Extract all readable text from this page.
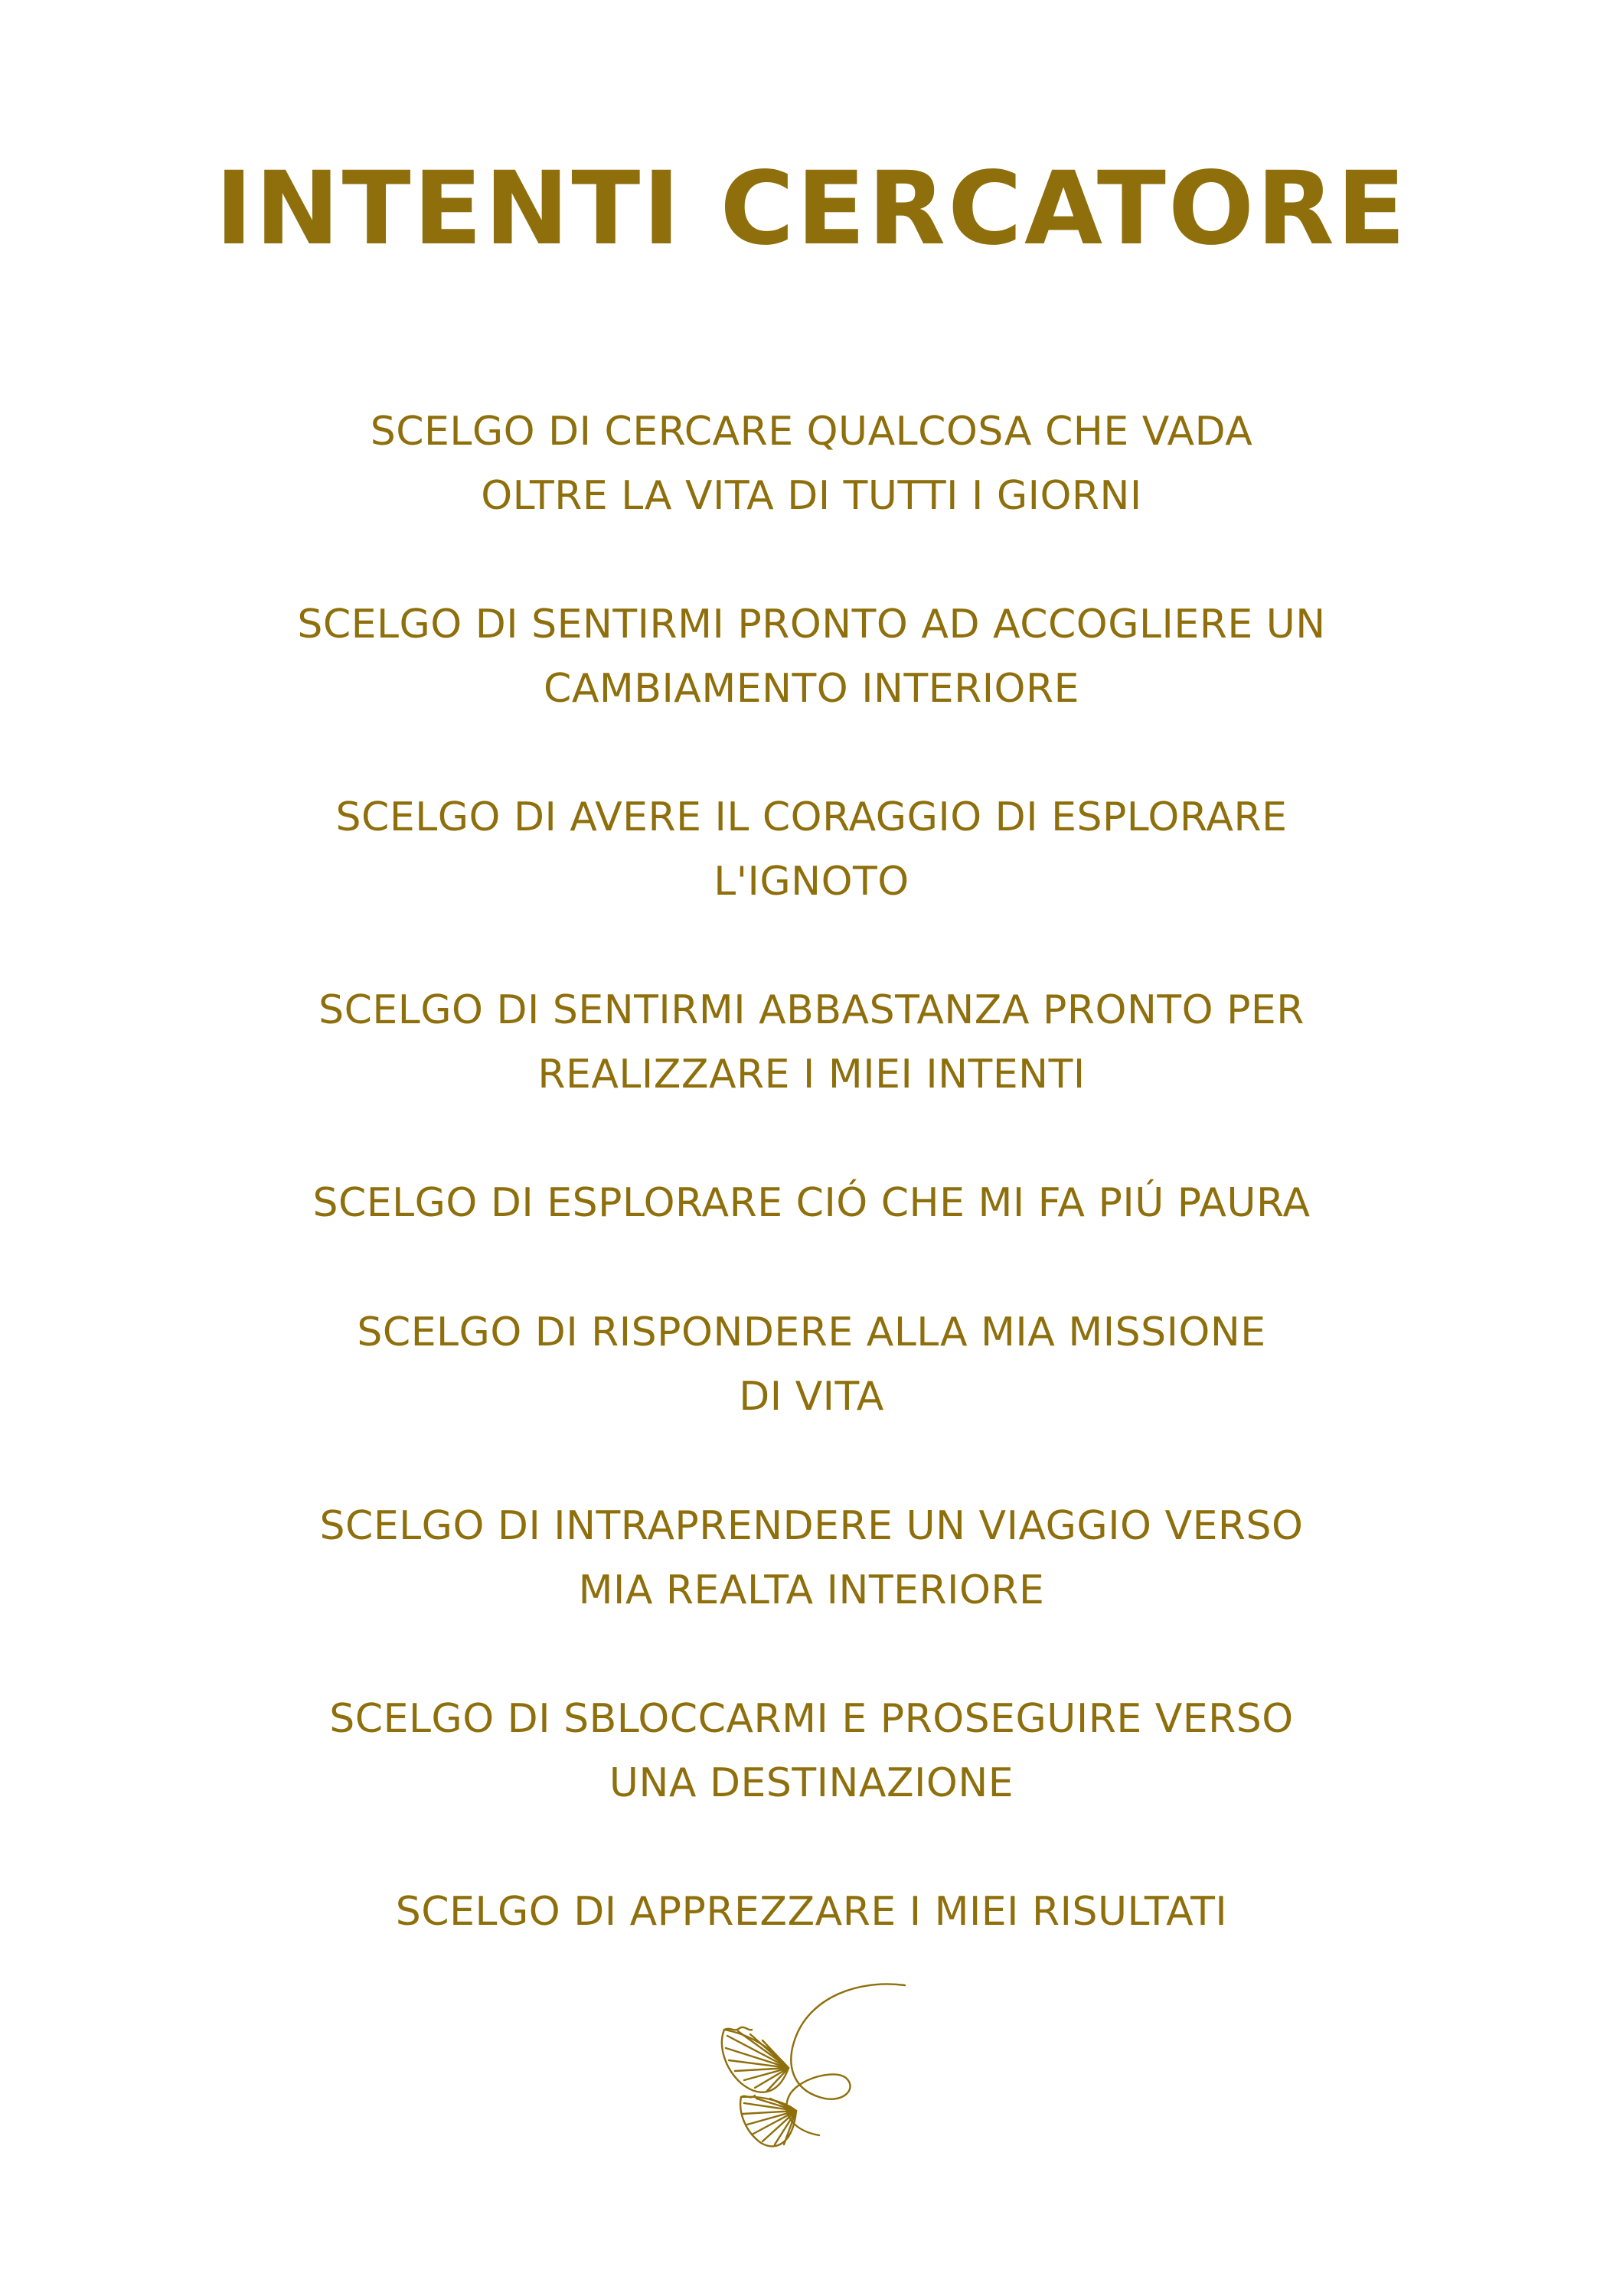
INTENTI CERCATORE
SCELGO DI CERCARE QUALCOSA CHE VADA
OLTRE LA VITA DI TUTTI I GIORNI
SCELGO DI SENTIRMI PRONTO AD ACCOGLIERE UN
CAMBIAMENTO INTERIORE
SCELGO DI AVERE IL CORAGGIO DI ESPLORARE
L'IGNOTO
SCELGO DI SENTIRMI ABBASTANZA PRONTO PER
REALIZZARE I MIEI INTENTI
SCELGO DI ESPLORARE CIÓ CHE MI FA PIÚ PAURA
SCELGO DI RISPONDERE ALLA MIA MISSIONE
DI VITA
SCELGO DI INTRAPRENDERE UN VIAGGIO VERSO
MIA REALTA INTERIORE
SCELGO DI SBLOCCARMI E PROSEGUIRE VERSO
UNA DESTINAZIONE
SCELGO DI APPREZZARE I MIEI RISULTATI
